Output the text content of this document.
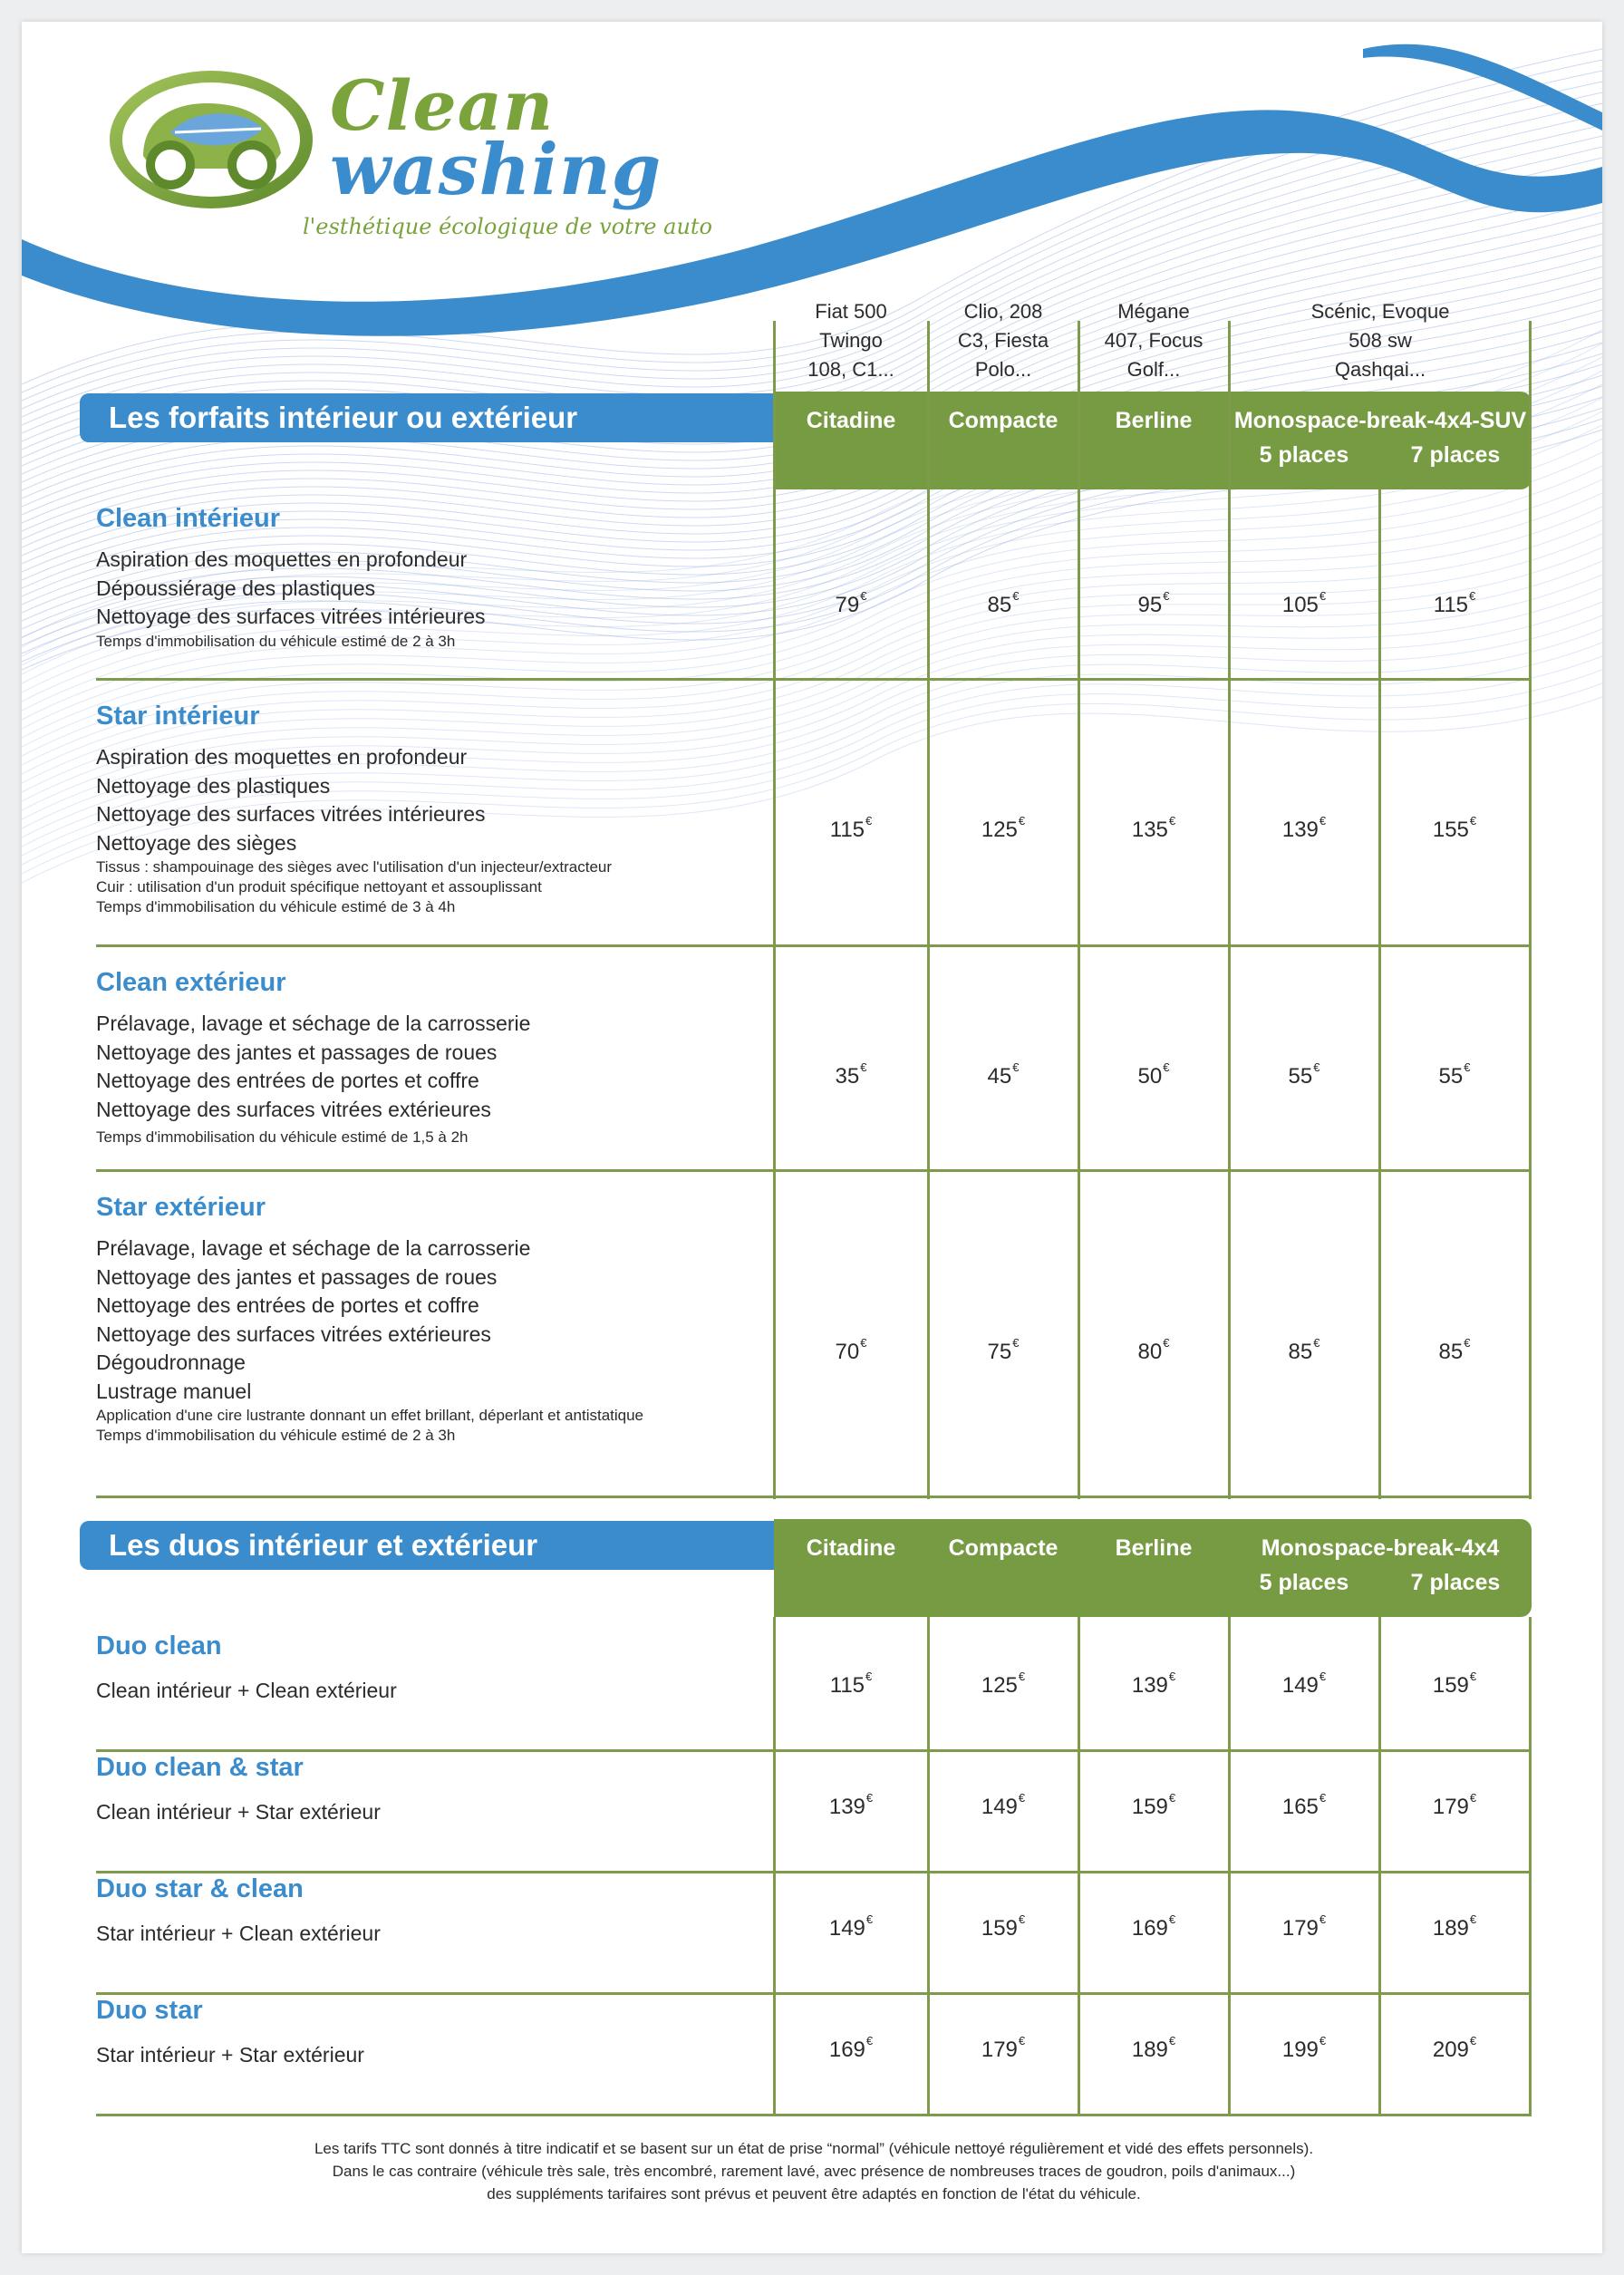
Clean
washing
l'esthétique écologique de votre auto
Fiat 500
Twingo
108, C1...
Clio, 208
C3, Fiesta
Polo...
Mégane
407, Focus
Golf...
Scénic, Evoque
508 sw
Qashqai...
Les forfaits intérieur ou extérieur	Citadine	Compacte	Berline	Monospace-break-4x4-SUV
5 places	7 places
Clean intérieur
Aspiration des moquettes en profondeur
Dépoussiérage des plastiques
Nettoyage des surfaces vitrées intérieures
Temps d'immobilisation du véhicule estimé de 2 à 3h
79€	85€	95€	105€	115€
Star intérieur
Aspiration des moquettes en profondeur
Nettoyage des plastiques
Nettoyage des surfaces vitrées intérieures
Nettoyage des sièges
Tissus : shampouinage des sièges avec l'utilisation d'un injecteur/extracteur
Cuir : utilisation d'un produit spécifique nettoyant et assouplissant
Temps d'immobilisation du véhicule estimé de 3 à 4h
115€	125€	135€	139€	155€
Clean extérieur
Prélavage, lavage et séchage de la carrosserie
Nettoyage des jantes et passages de roues
Nettoyage des entrées de portes et coffre
Nettoyage des surfaces vitrées extérieures
Temps d'immobilisation du véhicule estimé de 1,5 à 2h
35€	45€	50€	55€	55€
Star extérieur
Prélavage, lavage et séchage de la carrosserie
Nettoyage des jantes et passages de roues
Nettoyage des entrées de portes et coffre
Nettoyage des surfaces vitrées extérieures
Dégoudronnage
Lustrage manuel
Application d'une cire lustrante donnant un effet brillant, déperlant et antistatique
Temps d'immobilisation du véhicule estimé de 2 à 3h
70€	75€	80€	85€	85€
Les duos intérieur et extérieur	Citadine	Compacte	Berline	Monospace-break-4x4
5 places	7 places
Duo clean
Clean intérieur + Clean extérieur	115€	125€	139€	149€	159€
Duo clean & star
Clean intérieur + Star extérieur	139€	149€	159€	165€	179€
Duo star & clean
Star intérieur + Clean extérieur	149€	159€	169€	179€	189€
Duo star
Star intérieur + Star extérieur	169€	179€	189€	199€	209€
Les tarifs TTC sont donnés à titre indicatif et se basent sur un état de prise “normal” (véhicule nettoyé régulièrement et vidé des effets personnels).
Dans le cas contraire (véhicule très sale, très encombré, rarement lavé, avec présence de nombreuses traces de goudron, poils d'animaux...)
des suppléments tarifaires sont prévus et peuvent être adaptés en fonction de l'état du véhicule.
